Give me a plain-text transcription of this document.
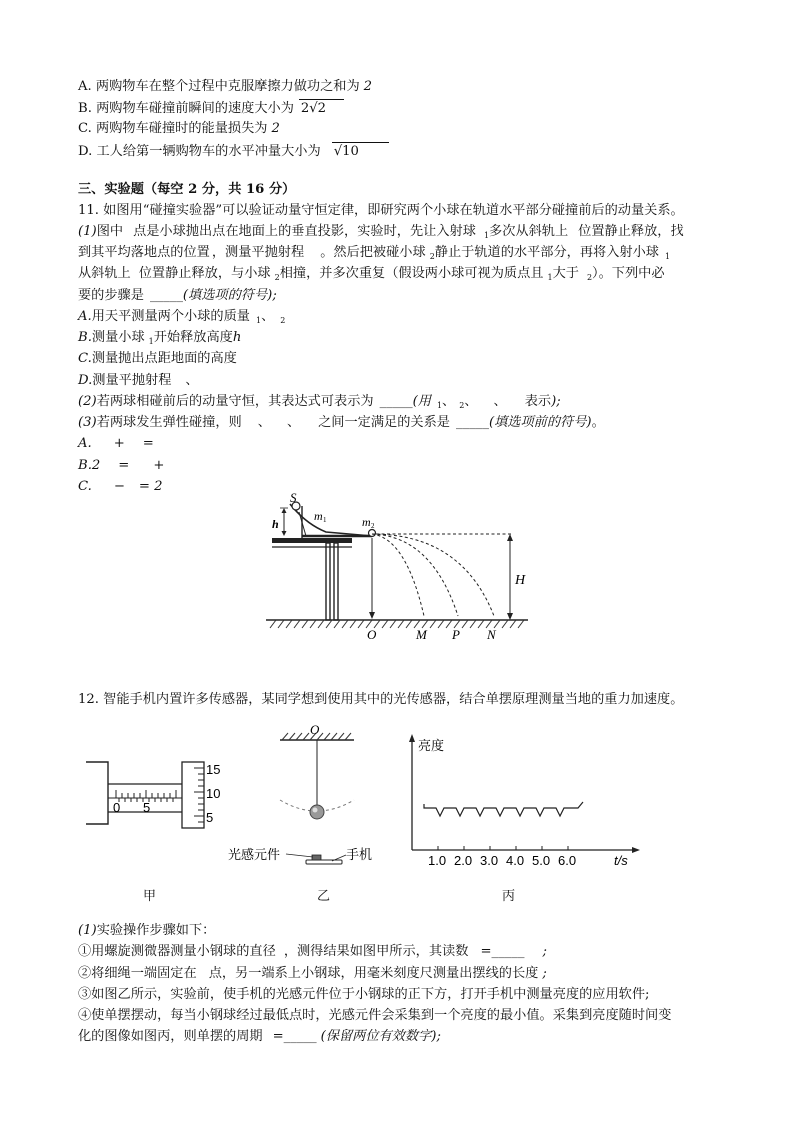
A. 两购物车在整个过程中克服摩擦力做功之和为 2
B. 两购物车碰撞前瞬间的速度大小为 2√2
C. 两购物车碰撞时的能量损失为 2
D. 工人给第一辆购物车的水平冲量大小为 √10
三、实验题（每空 2 分，共 16 分）
11. 如图用“碰撞实验器”可以验证动量守恒定律，即研究两个小球在轨道水平部分碰撞前后的动量关系。
(1)图中 点是小球抛出点在地面上的垂直投影，实验时，先让入射球 $_1$多次从斜轨上 位置静止释放，找
到其平均落地点的位置 ，测量平抛射程 。然后把被碰小球 $_2$静止于轨道的水平部分，再将入射小球 $_1$
从斜轨上 位置静止释放，与小球 $_2$相撞，并多次重复（假设两小球可视为质点且 $_1$大于 $_2$）。下列中必
要的步骤是 _____(填选项的符号);
A.用天平测量两个小球的质量 $_1$、 $_2$
B.测量小球 $_1$开始释放高度h
C.测量抛出点距地面的高度
D.测量平抛射程 、
(2)若两球相碰前后的动量守恒，其表达式可表示为 _____(用 $_1$、 $_2$、 、 表示);
(3)若两球发生弹性碰撞，则 、 、 之间一定满足的关系是 _____(填选项前的符号)。
A. + =
B.2 = +
C. − = 2
S
h
m 1	m 2
H
O	M P N
12. 智能手机内置许多传感器，某同学想到使用其中的光传感器，结合单摆原理测量当地的重力加速度。
15
10
5
0 5
甲
O
光感元件	手机
乙
亮度
1.0 2.0 3.0 4.0 5.0 6.0	t/s
丙
(1)实验操作步骤如下：
①用螺旋测微器测量小钢球的直径 ，测得结果如图甲所示，其读数 =_____ ;
②将细绳一端固定在 点，另一端系上小钢球，用毫米刻度尺测量出摆线的长度 ;
③如图乙所示，实验前，使手机的光感元件位于小钢球的正下方，打开手机中测量亮度的应用软件;
④使单摆摆动，每当小钢球经过最低点时，光感元件会采集到一个亮度的最小值。采集到亮度随时间变
化的图像如图丙，则单摆的周期 =_____ (保留两位有效数字);
